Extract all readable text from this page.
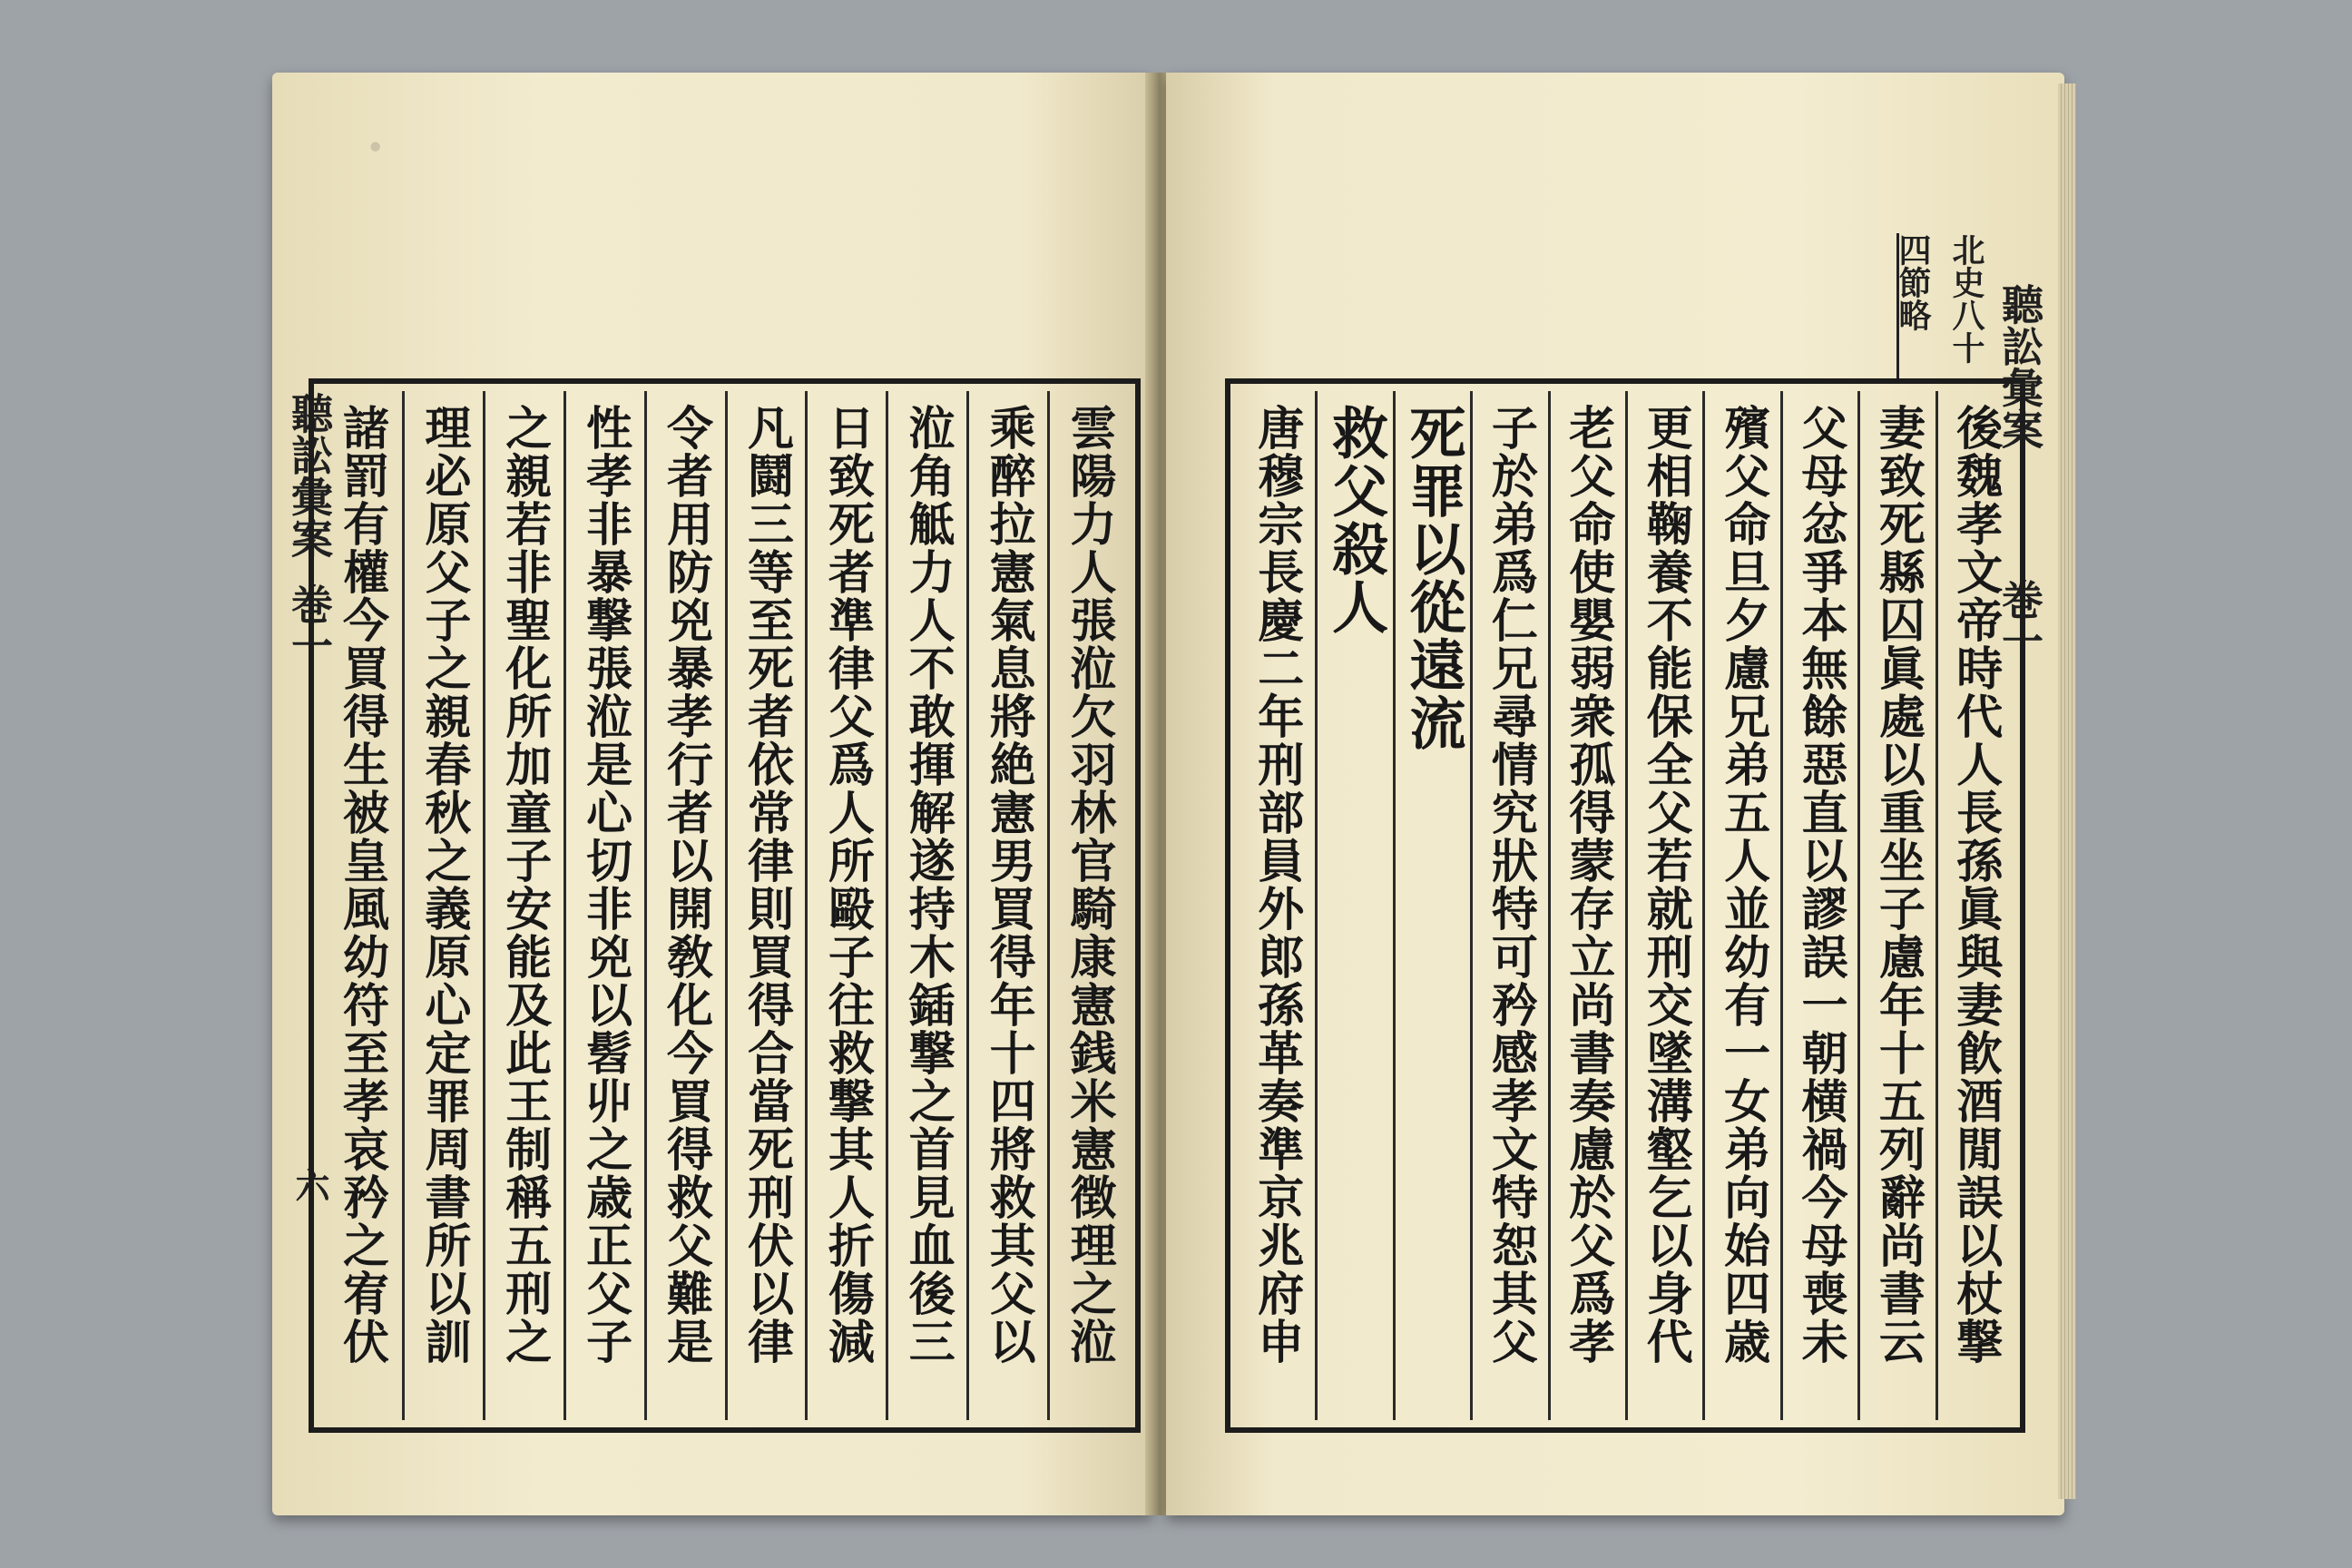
·
聽訟彙案
巻一
六	雲陽力人張涖欠羽林官騎康憲銭米憲徴理之涖
乘醉拉憲氣息將絶憲男買得年十四將救其父以
涖角觝力人不敢揮解遂持木鍤撃之首見血後三
日致死者準律父爲人所毆子往救撃其人折傷減
凡鬪三等至死者依常律則買得合當死刑伏以律
令者用防兇暴孝行者以開敎化今買得救父難是
性孝非暴撃張涖是心切非兇以髫丱之歳正父子
之親若非聖化所加童子安能及此王制稱五刑之
理必原父子之親春秋之義原心定罪周書所以訓
諸罰有權今買得生被皇風幼符至孝哀矜之宥伏
北史八十
四節略
聽訟彙案
巻一
後魏孝文帝時代人長孫眞與妻飮酒閒誤以杖撃
妻致死縣囚眞處以重坐子慮年十五列辭尚書云
父母忿爭本無餘惡直以謬誤一朝横禍今母喪未
殯父命旦夕慮兄弟五人並幼有一女弟向始四歳
更相鞠養不能保全父若就刑交墜溝壑乞以身代
老父命使嬰弱衆孤得蒙存立尚書奏慮於父爲孝
子於弟爲仁兄尋情究狀特可矜感孝文特恕其父
死罪以從遠流
救父殺人
唐穆宗長慶二年刑部員外郎孫革奏準京兆府申
